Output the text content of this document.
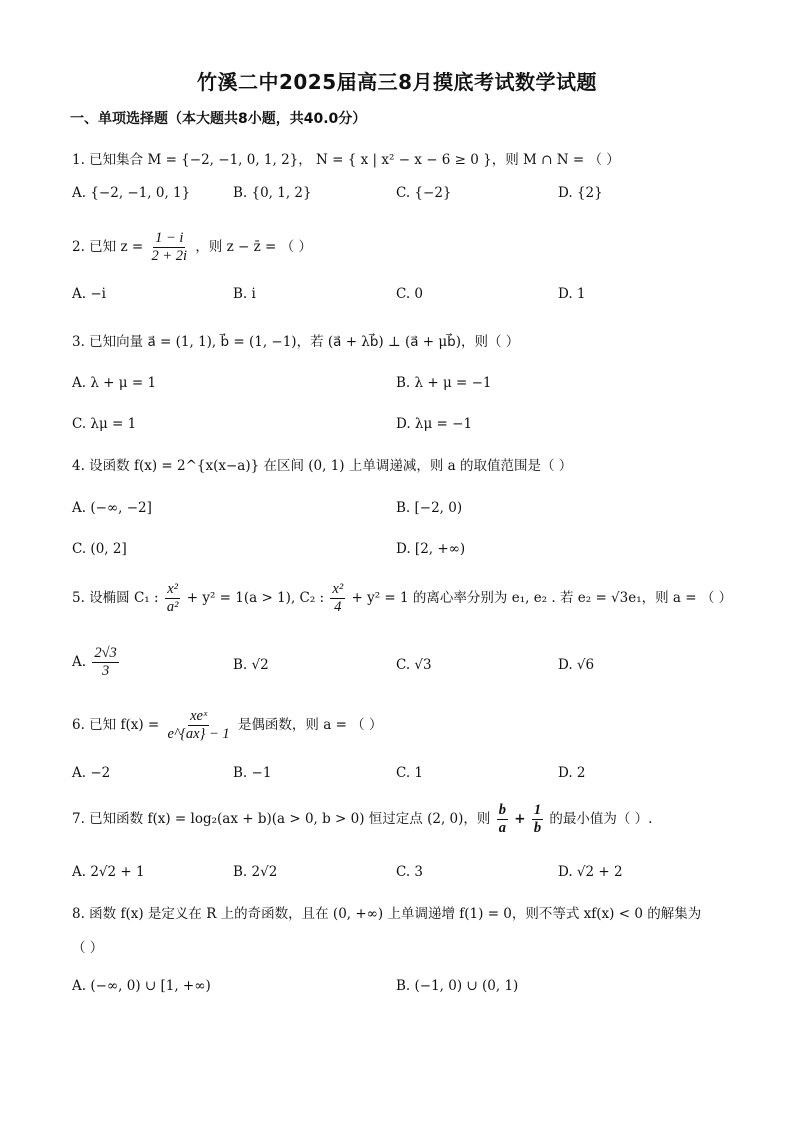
竹溪二中2025届高三8月摸底考试数学试题
一、单项选择题（本大题共8小题，共40.0分）
1. 已知集合 M = {−2, −1, 0, 1, 2}， N = { x | x² − x − 6 ≥ 0 }，则 M ∩ N = （ ）
A. {−2, −1, 0, 1}	B. {0, 1, 2}	C. {−2}	D. {2}
2. 已知 $z = \frac{1 - i}{2 + 2i}$ ，则 z − z̄ = （ ）
A. −i	B. i	C. 0	D. 1
3. 已知向量 a⃗ = (1, 1), b⃗ = (1, −1)，若 (a⃗ + λb⃗) ⊥ (a⃗ + μb⃗)，则（ ）
A. λ + μ = 1	B. λ + μ = −1
C. λμ = 1	D. λμ = −1
4. 设函数 f(x) = 2^{x(x−a)} 在区间 (0, 1) 上单调递减，则 a 的取值范围是（ ）
A. (−∞, −2]	B. [−2, 0)
C. (0, 2]	D. [2, +∞)
5. 设椭圆 C₁ : $\frac{\text{x²}}{\text{a²}} + y^2 = 1(a > 1)$, C₂ : $\frac{\text{x²}}{4} + y^2 = 1$ 的离心率分别为 e₁, e₂ . 若 e₂ = √3e₁，则 a = （ ）
A. $\frac{2√3}{3}$	B. √2	C. √3	D. √6
6. 已知 $f(x) = \frac{\text{xeˣ}}{e\^{}\{ax\} - 1}$ 是偶函数，则 a = （ ）
A. −2	B. −1	C. 1	D. 2
7. 已知函数 f(x) = log₂(ax + b)(a > 0, b > 0) 恒过定点 (2, 0)，则 $\frac{b}{a} + \frac{1}{b}$ 的最小值为（ ）.
A. 2√2 + 1	B. 2√2	C. 3	D. √2 + 2
8. 函数 f(x) 是定义在 R 上的奇函数，且在 (0, +∞) 上单调递增 f(1) = 0，则不等式 xf(x) < 0 的解集为
（ ）
A. (−∞, 0) ∪ [1, +∞)	B. (−1, 0) ∪ (0, 1)
